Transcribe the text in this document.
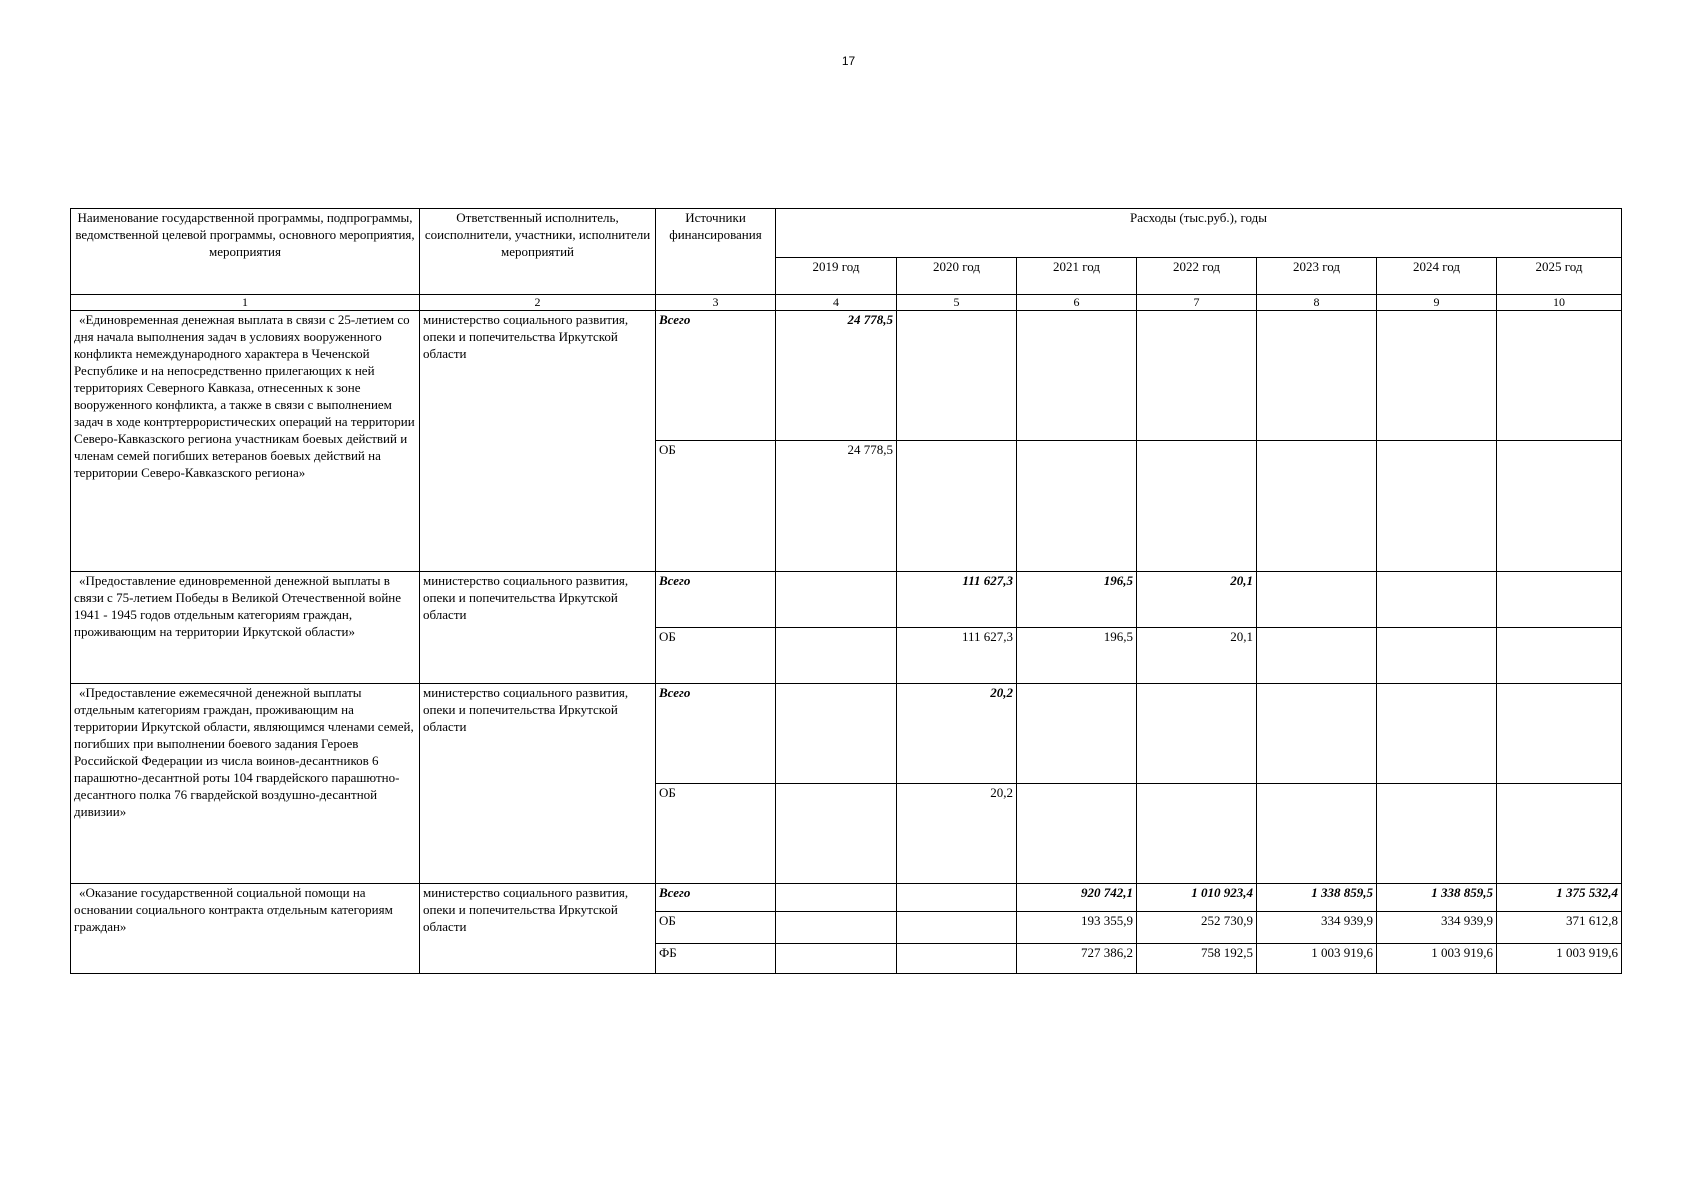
17
Наименование государственной программы, подпрограммы, ведомственной целевой программы, основного мероприятия, мероприятия	Ответственный исполнитель, соисполнители, участники, исполнители мероприятий	Источники финансирования	Расходы (тыс.руб.), годы						
			2019 год	2020 год	2021 год	2022 год	2023 год	2024 год	2025 год
1	2	3	4	5	6	7	8	9	10
«Единовременная денежная выплата в связи с 25-летием со дня начала выполнения задач в условиях вооруженного конфликта немеждународного характера в Чеченской Республике и на непосредственно прилегающих к ней территориях Северного Кавказа, отнесенных к зоне вооруженного конфликта, а также в связи с выполнением задач в ходе контртеррористических операций на территории Северо-Кавказского региона участникам боевых действий и членам семей погибших ветеранов боевых действий на территории Северо-Кавказского региона»	министерство социального развития, опеки и попечительства Иркутской области	Всего	24 778,5						
		ОБ	24 778,5						
«Предоставление единовременной денежной выплаты в связи с 75-летием Победы в Великой Отечественной войне 1941 - 1945 годов отдельным категориям граждан, проживающим на территории Иркутской области»	министерство социального развития, опеки и попечительства Иркутской области	Всего		111 627,3	196,5	20,1			
		ОБ		111 627,3	196,5	20,1			
«Предоставление ежемесячной денежной выплаты отдельным категориям граждан, проживающим на территории Иркутской области, являющимся членами семей, погибших при выполнении боевого задания Героев Российской Федерации из числа воинов-десантников 6 парашютно-десантной роты 104 гвардейского парашютно-десантного полка 76 гвардейской воздушно-десантной дивизии»	министерство социального развития, опеки и попечительства Иркутской области	Всего		20,2					
		ОБ		20,2					
«Оказание государственной социальной помощи на основании социального контракта отдельным категориям граждан»	министерство социального развития, опеки и попечительства Иркутской области	Всего			920 742,1	1 010 923,4	1 338 859,5	1 338 859,5	1 375 532,4
		ОБ			193 355,9	252 730,9	334 939,9	334 939,9	371 612,8
		ФБ			727 386,2	758 192,5	1 003 919,6	1 003 919,6	1 003 919,6
